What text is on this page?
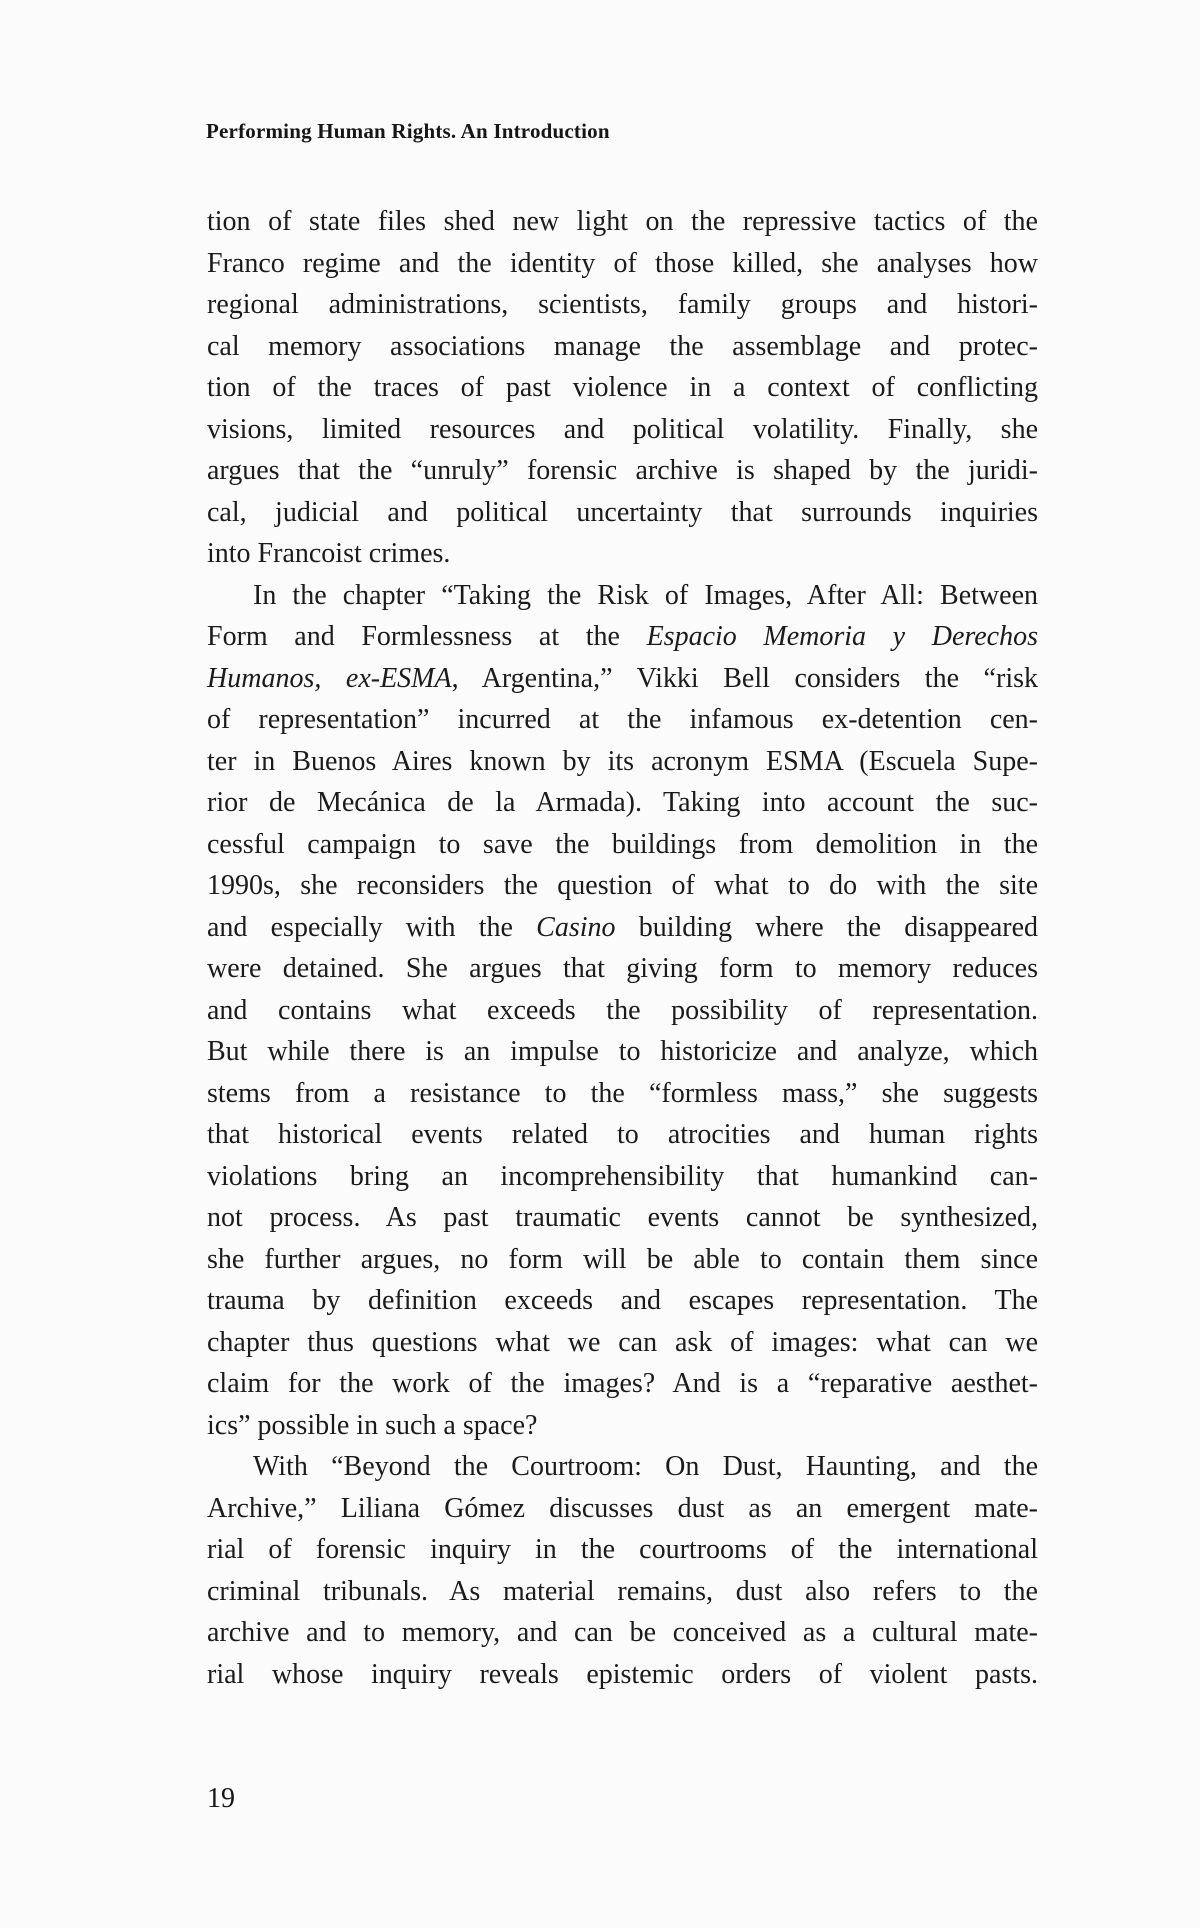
Performing Human Rights. An Introduction
tion of state files shed new light on the repressive tactics of the
Franco regime and the identity of those killed, she analyses how
regional administrations, scientists, family groups and histori-
cal memory associations manage the assemblage and protec-
tion of the traces of past violence in a context of conflicting
visions, limited resources and political volatility. Finally, she
argues that the “unruly” forensic archive is shaped by the juridi-
cal, judicial and political uncertainty that surrounds inquiries
into Francoist crimes.
In the chapter “Taking the Risk of Images, After All: Between
Form and Formlessness at the Espacio Memoria y Derechos
Humanos, ex-ESMA, Argentina,” Vikki Bell considers the “risk
of representation” incurred at the infamous ex-detention cen-
ter in Buenos Aires known by its acronym ESMA (Escuela Supe-
rior de Mecánica de la Armada). Taking into account the suc-
cessful campaign to save the buildings from demolition in the
1990s, she reconsiders the question of what to do with the site
and especially with the Casino building where the disappeared
were detained. She argues that giving form to memory reduces
and contains what exceeds the possibility of representation.
But while there is an impulse to historicize and analyze, which
stems from a resistance to the “formless mass,” she suggests
that historical events related to atrocities and human rights
violations bring an incomprehensibility that humankind can-
not process. As past traumatic events cannot be synthesized,
she further argues, no form will be able to contain them since
trauma by definition exceeds and escapes representation. The
chapter thus questions what we can ask of images: what can we
claim for the work of the images? And is a “reparative aesthet-
ics” possible in such a space?
With “Beyond the Courtroom: On Dust, Haunting, and the
Archive,” Liliana Gómez discusses dust as an emergent mate-
rial of forensic inquiry in the courtrooms of the international
criminal tribunals. As material remains, dust also refers to the
archive and to memory, and can be conceived as a cultural mate-
rial whose inquiry reveals epistemic orders of violent pasts.
19
